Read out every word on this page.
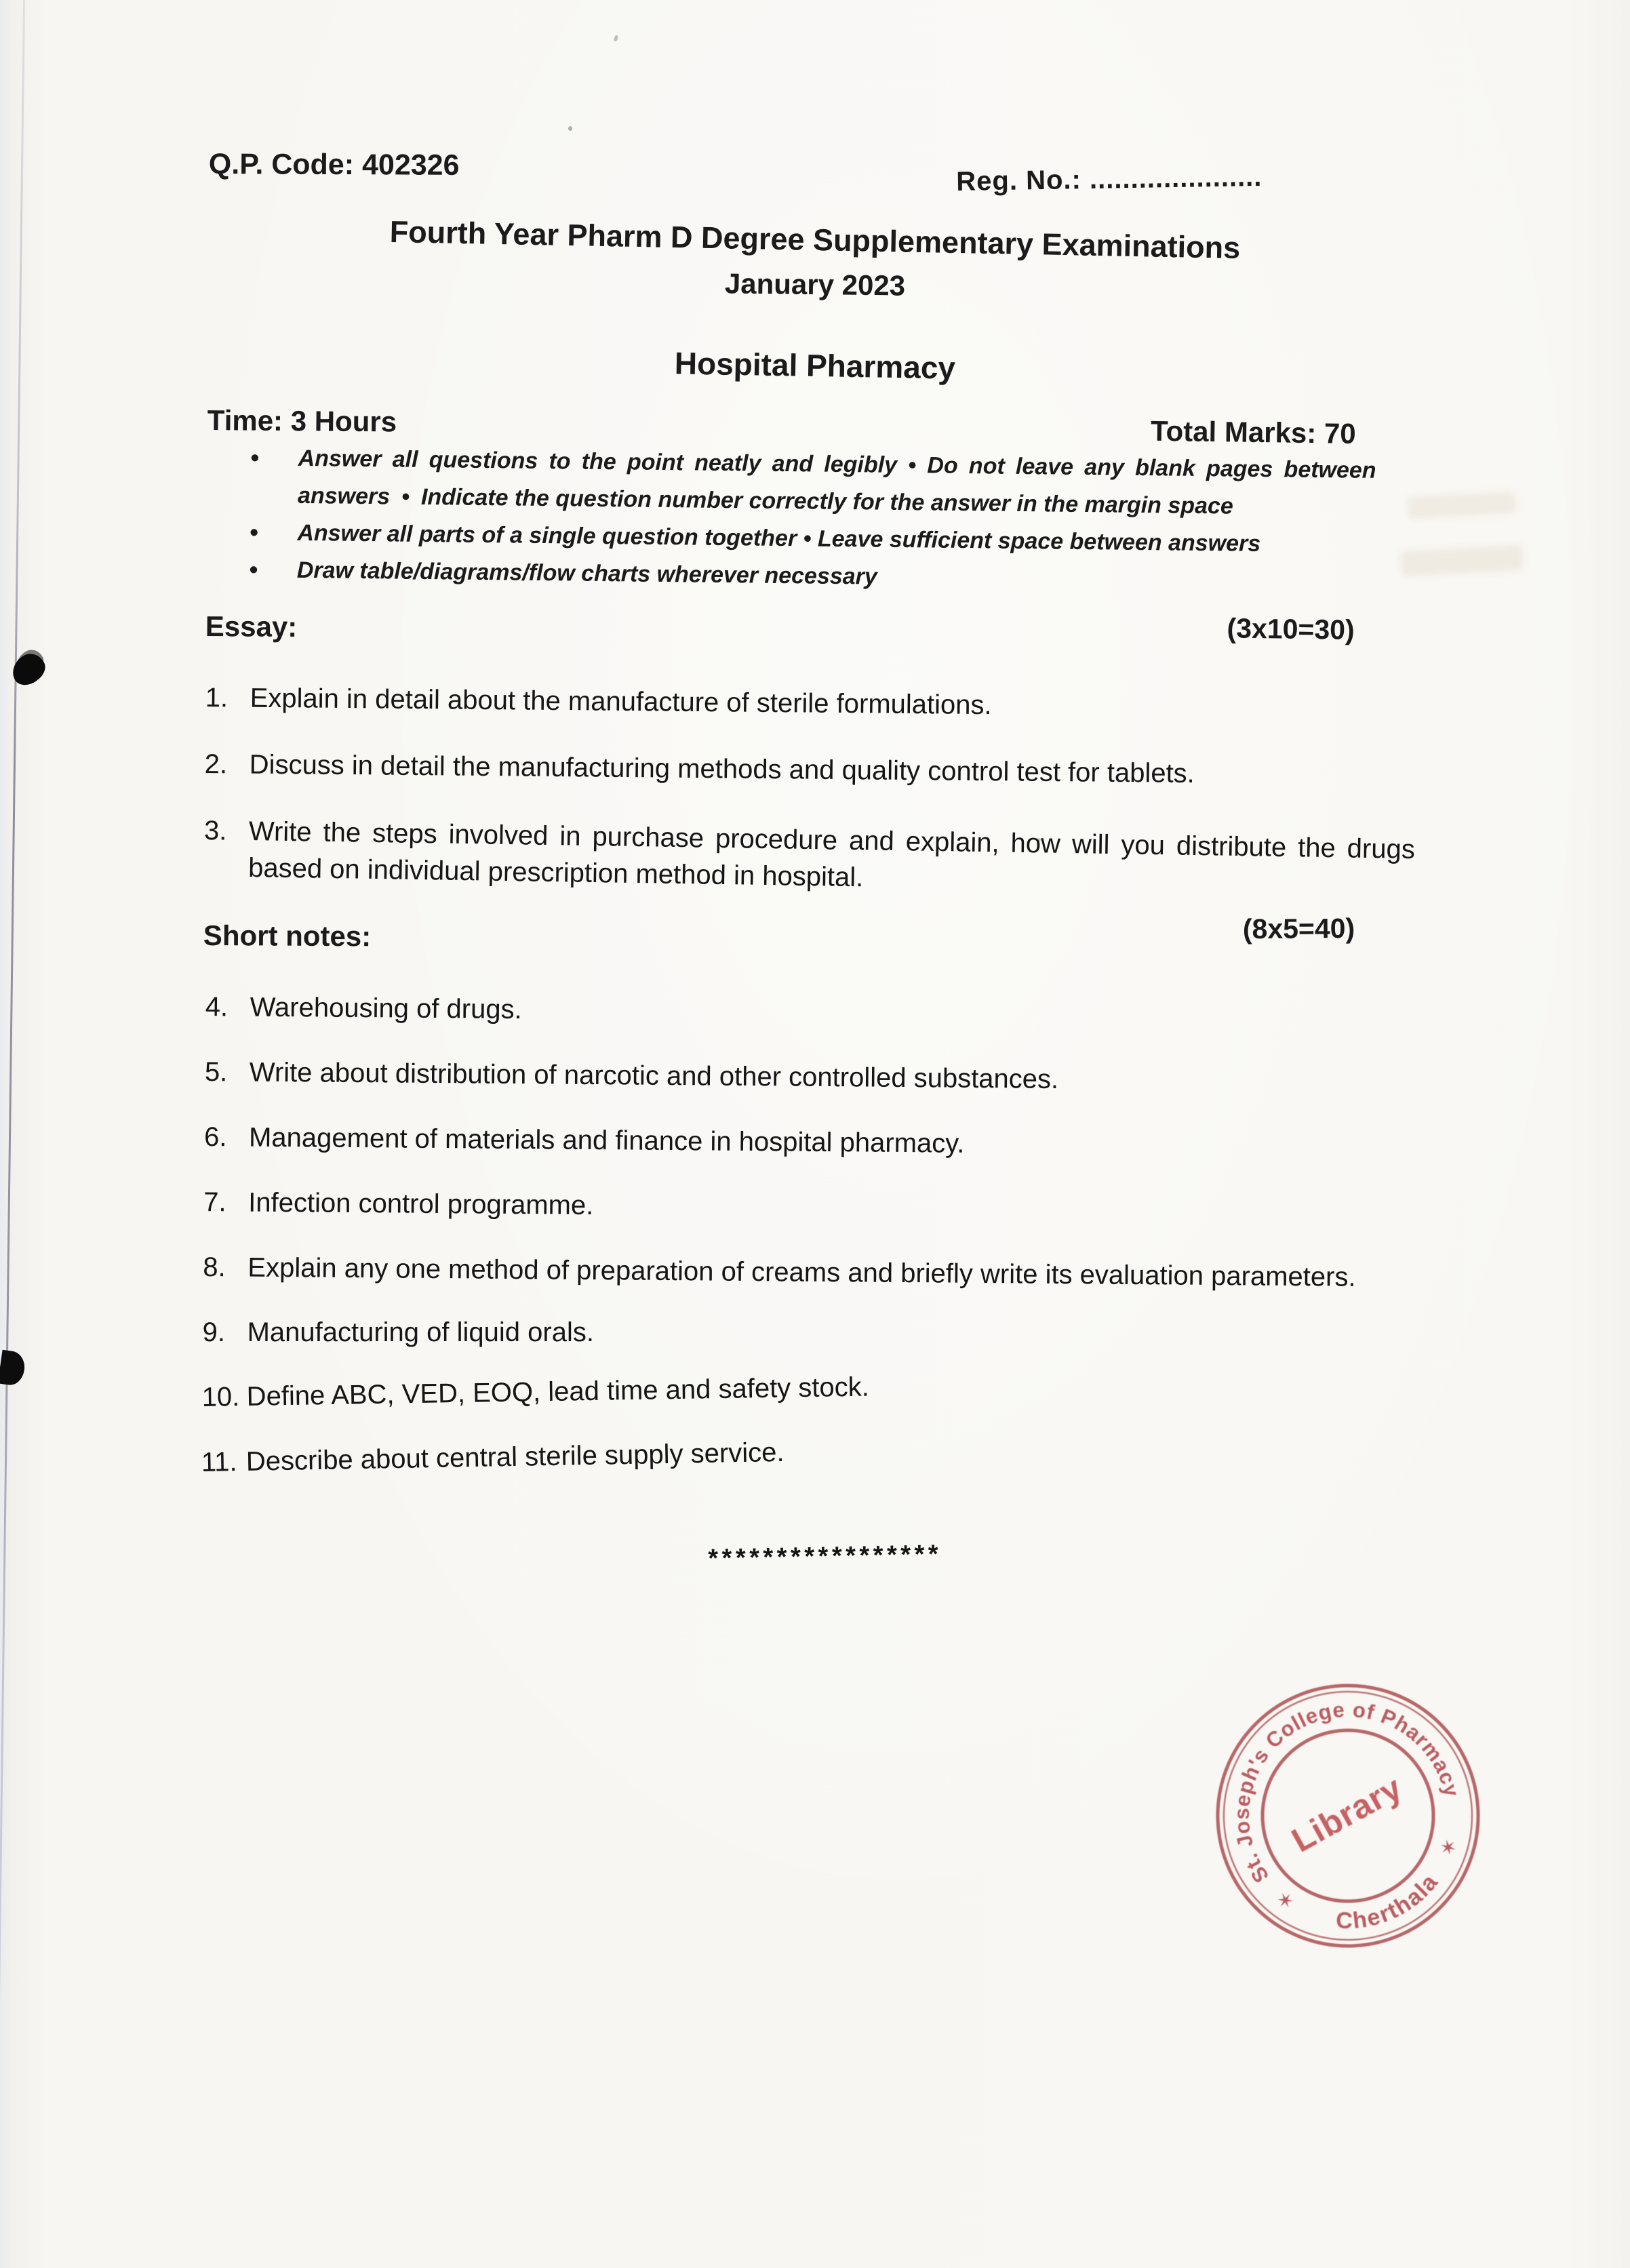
Q.P. Code: 402326	Reg. No.: .....................
Fourth Year Pharm D Degree Supplementary Examinations
January 2023
Hospital Pharmacy
Time: 3 Hours	Total Marks: 70
• Answer all questions to the point neatly and legibly • Do not leave any blank pages between answers • Indicate the question number correctly for the answer in the margin space
• Answer all parts of a single question together • Leave sufficient space between answers
• Draw table/diagrams/flow charts wherever necessary
Essay:	(3x10=30)
1. Explain in detail about the manufacture of sterile formulations.
2. Discuss in detail the manufacturing methods and quality control test for tablets.
3. Write the steps involved in purchase procedure and explain, how will you distribute the drugs based on individual prescription method in hospital.
Short notes:	(8x5=40)
4. Warehousing of drugs.
5. Write about distribution of narcotic and other controlled substances.
6. Management of materials and finance in hospital pharmacy.
7. Infection control programme.
8. Explain any one method of preparation of creams and briefly write its evaluation parameters.
9. Manufacturing of liquid orals.
10. Define ABC, VED, EOQ, lead time and safety stock.
11. Describe about central sterile supply service.
*****************
St. Joseph's College of Pharmacy
✶
Cherthala
✶
Library
